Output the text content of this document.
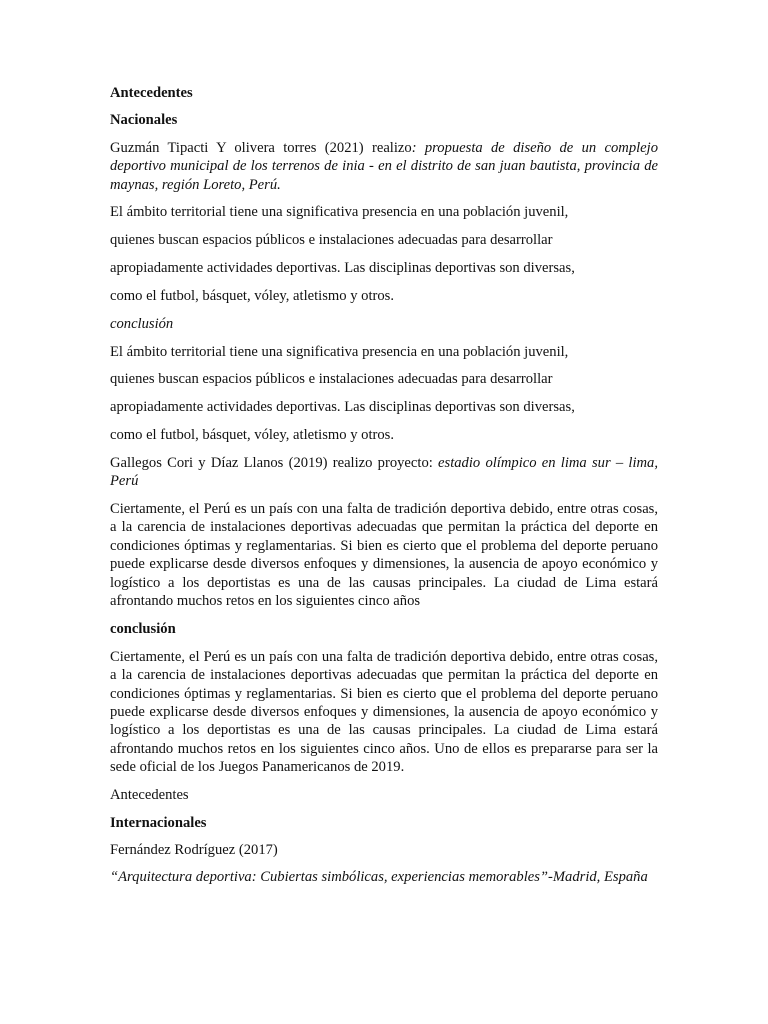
Antecedentes

Nacionales

Guzmán Tipacti Y olivera torres (2021) realizo: propuesta de diseño de un complejo deportivo municipal de los terrenos de inia - en el distrito de san juan bautista, provincia de maynas, región Loreto, Perú.

El ámbito territorial tiene una significativa presencia en una población juvenil,
quienes buscan espacios públicos e instalaciones adecuadas para desarrollar
apropiadamente actividades deportivas. Las disciplinas deportivas son diversas,
como el futbol, básquet, vóley, atletismo y otros.

conclusión

El ámbito territorial tiene una significativa presencia en una población juvenil,
quienes buscan espacios públicos e instalaciones adecuadas para desarrollar
apropiadamente actividades deportivas. Las disciplinas deportivas son diversas,
como el futbol, básquet, vóley, atletismo y otros.

Gallegos Cori y Díaz Llanos (2019) realizo proyecto: estadio olímpico en lima sur – lima, Perú

Ciertamente, el Perú es un país con una falta de tradición deportiva debido, entre otras cosas, a la carencia de instalaciones deportivas adecuadas que permitan la práctica del deporte en condiciones óptimas y reglamentarias. Si bien es cierto que el problema del deporte peruano puede explicarse desde diversos enfoques y dimensiones, la ausencia de apoyo económico y logístico a los deportistas es una de las causas principales. La ciudad de Lima estará afrontando muchos retos en los siguientes cinco años

conclusión

Ciertamente, el Perú es un país con una falta de tradición deportiva debido, entre otras cosas, a la carencia de instalaciones deportivas adecuadas que permitan la práctica del deporte en condiciones óptimas y reglamentarias. Si bien es cierto que el problema del deporte peruano puede explicarse desde diversos enfoques y dimensiones, la ausencia de apoyo económico y logístico a los deportistas es una de las causas principales. La ciudad de Lima estará afrontando muchos retos en los siguientes cinco años. Uno de ellos es prepararse para ser la sede oficial de los Juegos Panamericanos de 2019.

Antecedentes

Internacionales

Fernández Rodríguez (2017)

“Arquitectura deportiva: Cubiertas simbólicas, experiencias memorables”-Madrid, España
